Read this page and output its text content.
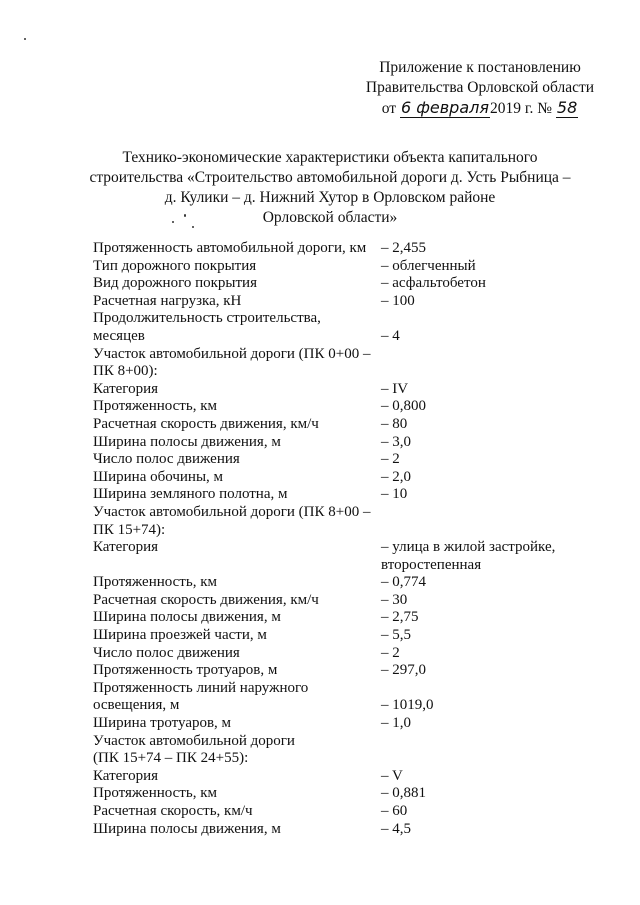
Приложение к постановлению
Правительства Орловской области
от 6 февраля2019 г. № 58
Технико-экономические характеристики объекта капитального
строительства «Строительство автомобильной дороги д. Усть Рыбница –
д. Кулики – д. Нижний Хутор в Орловском районе
Орловской области»
Протяженность автомобильной дороги, км – 2,455
Тип дорожного покрытия	– облегченный
Вид дорожного покрытия	– асфальтобетон
Расчетная нагрузка, кН	– 100
Продолжительность строительства,
месяцев
	– 4
Участок автомобильной дороги (ПК 0+00 –
ПК 8+00):

Категория	– IV
Протяженность, км	– 0,800
Расчетная скорость движения, км/ч	– 80
Ширина полосы движения, м	– 3,0
Число полос движения	– 2
Ширина обочины, м	– 2,0
Ширина земляного полотна, м	– 10
Участок автомобильной дороги (ПК 8+00 –
ПК 15+74):

Категория
	– улица в жилой застройке,
второстепенная
Протяженность, км	– 0,774
Расчетная скорость движения, км/ч	– 30
Ширина полосы движения, м	– 2,75
Ширина проезжей части, м	– 5,5
Число полос движения	– 2
Протяженность тротуаров, м	– 297,0
Протяженность линий наружного
освещения, м
	– 1019,0
Ширина тротуаров, м	– 1,0
Участок автомобильной дороги
(ПК 15+74 – ПК 24+55):

Категория	– V
Протяженность, км	– 0,881
Расчетная скорость, км/ч	– 60
Ширина полосы движения, м	– 4,5
